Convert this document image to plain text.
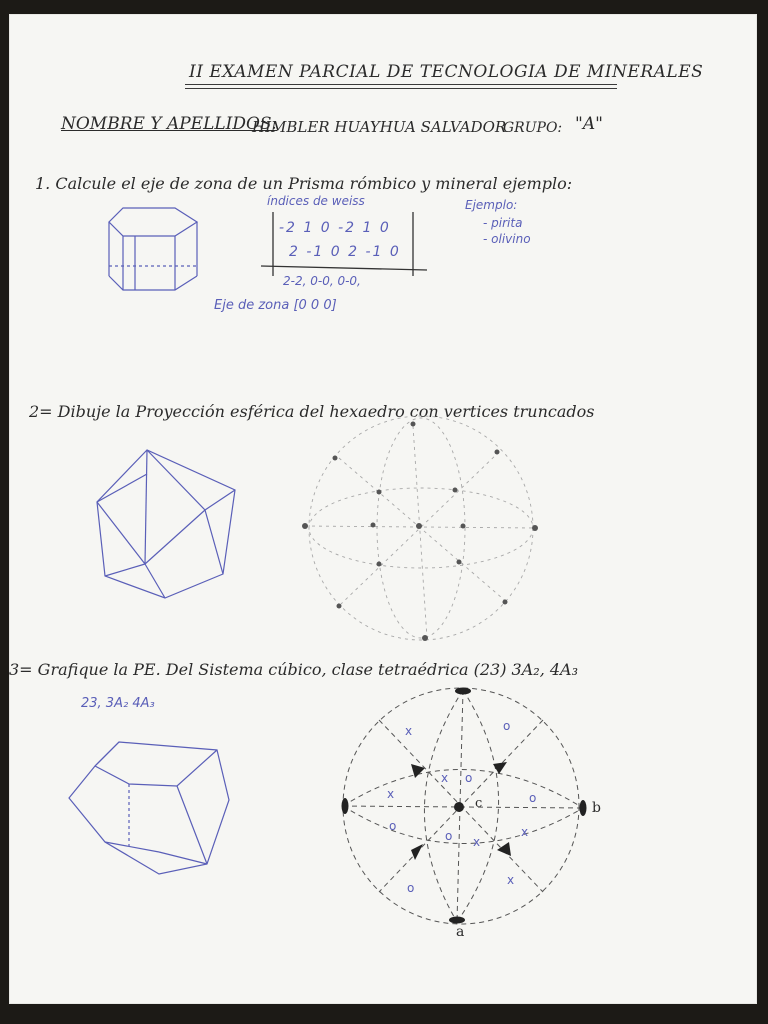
II EXAMEN PARCIAL DE TECNOLOGIA DE MINERALES
NOMBRE Y APELLIDOS:
HIMBLER HUAYHUA SALVADOR
GRUPO: "A"
1. Calcule el eje de zona de un Prisma rómbico y mineral ejemplo:
índices de weiss
-2 1 0 -2 1 0
2 -1 0 2 -1 0
2-2, 0-0, 0-0,
Ejemplo:
- pirita
- olivino
Eje de zona [0 0 0]
2= Dibuje la Proyección esférica del hexaedro con vertices truncados
3= Grafique la PE. Del Sistema cúbico, clase tetraédrica (23) 3A₂, 4A₃
23, 3A₂ 4A₃
c	b
a
x	o
x o
x	o
o	x
o x
o
x
